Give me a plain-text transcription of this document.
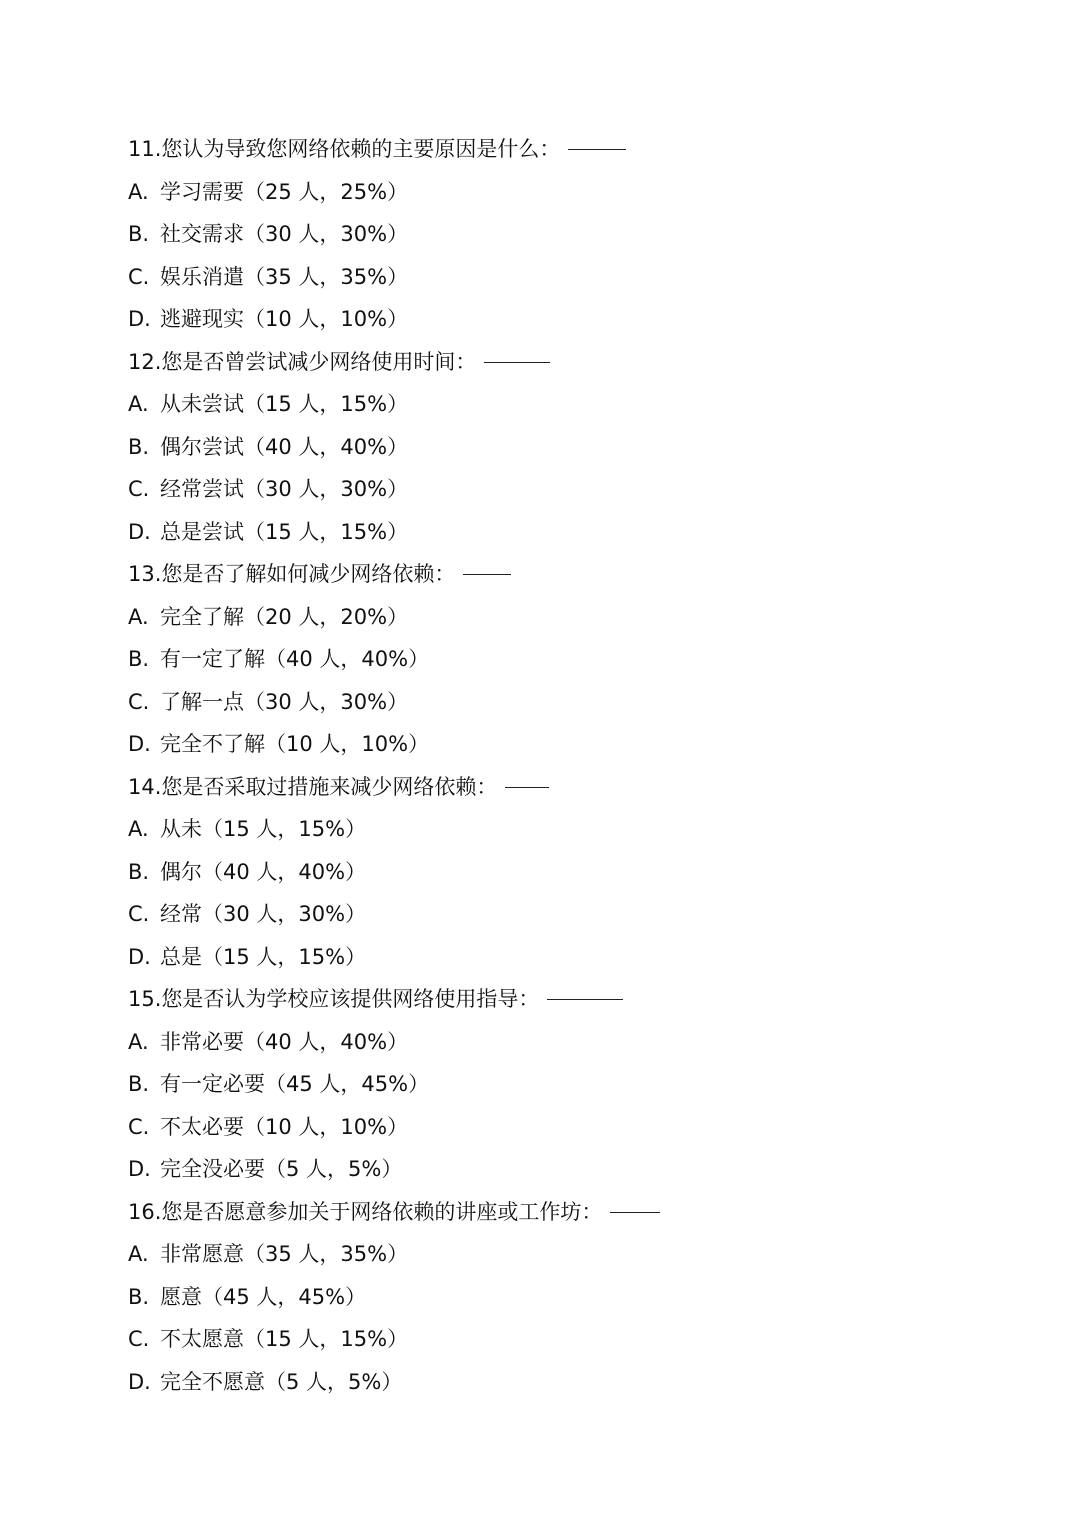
11.您认为导致您网络依赖的主要原因是什么：
A. 学习需要（25 人，25%）
B. 社交需求（30 人，30%）
C. 娱乐消遣（35 人，35%）
D. 逃避现实（10 人，10%）
12.您是否曾尝试减少网络使用时间：
A. 从未尝试（15 人，15%）
B. 偶尔尝试（40 人，40%）
C. 经常尝试（30 人，30%）
D. 总是尝试（15 人，15%）
13.您是否了解如何减少网络依赖：
A. 完全了解（20 人，20%）
B. 有一定了解（40 人，40%）
C. 了解一点（30 人，30%）
D. 完全不了解（10 人，10%）
14.您是否采取过措施来减少网络依赖：
A. 从未（15 人，15%）
B. 偶尔（40 人，40%）
C. 经常（30 人，30%）
D. 总是（15 人，15%）
15.您是否认为学校应该提供网络使用指导：
A. 非常必要（40 人，40%）
B. 有一定必要（45 人，45%）
C. 不太必要（10 人，10%）
D. 完全没必要（5 人，5%）
16.您是否愿意参加关于网络依赖的讲座或工作坊：
A. 非常愿意（35 人，35%）
B. 愿意（45 人，45%）
C. 不太愿意（15 人，15%）
D. 完全不愿意（5 人，5%）
